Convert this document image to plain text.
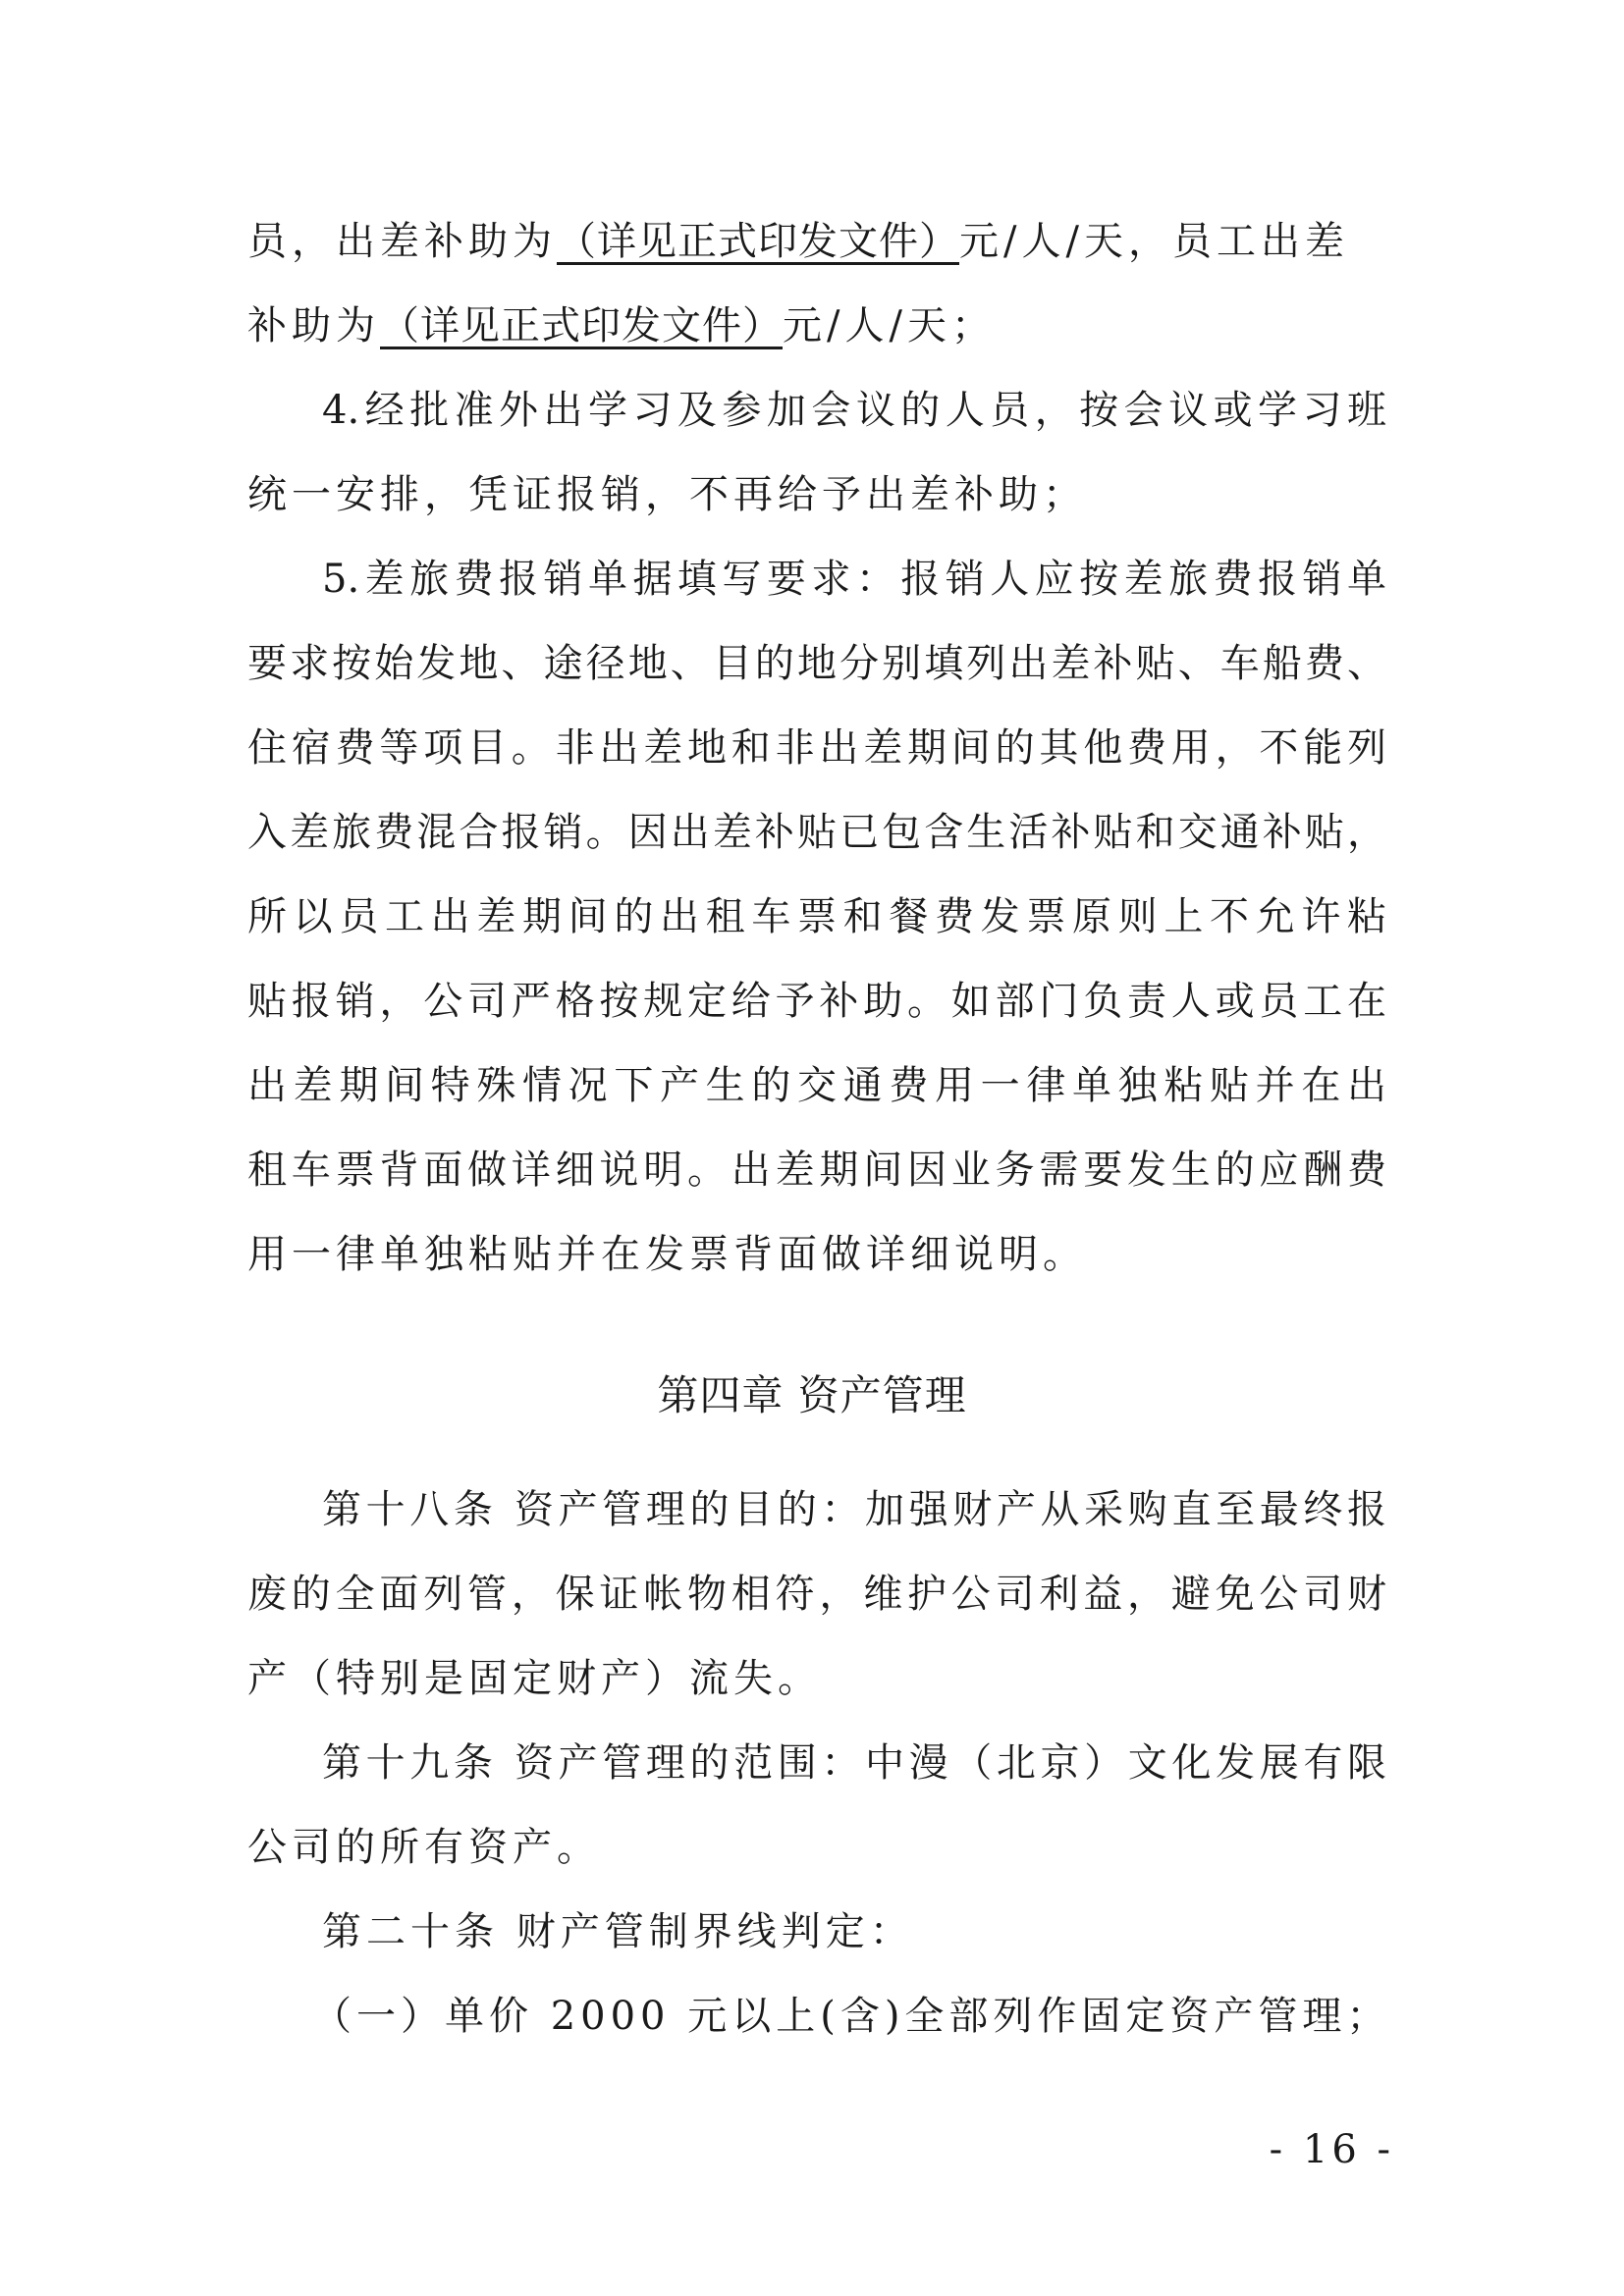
员，出差补助为（详见正式印发文件）元/人/天，员工出差
补助为（详见正式印发文件）元/人/天；
4.经批准外出学习及参加会议的人员，按会议或学习班
统一安排，凭证报销，不再给予出差补助；
5.差旅费报销单据填写要求：报销人应按差旅费报销单
要求按始发地、途径地、目的地分别填列出差补贴、车船费、
住宿费等项目。非出差地和非出差期间的其他费用，不能列
入差旅费混合报销。因出差补贴已包含生活补贴和交通补贴，
所以员工出差期间的出租车票和餐费发票原则上不允许粘
贴报销，公司严格按规定给予补助。如部门负责人或员工在
出差期间特殊情况下产生的交通费用一律单独粘贴并在出
租车票背面做详细说明。出差期间因业务需要发生的应酬费
用一律单独粘贴并在发票背面做详细说明。
第四章 资产管理
第十八条 资产管理的目的：加强财产从采购直至最终报
废的全面列管，保证帐物相符，维护公司利益，避免公司财
产（特别是固定财产）流失。
第十九条 资产管理的范围：中漫（北京）文化发展有限
公司的所有资产。
第二十条 财产管制界线判定：
（一）单价 2000 元以上(含)全部列作固定资产管理；
- 16 -
